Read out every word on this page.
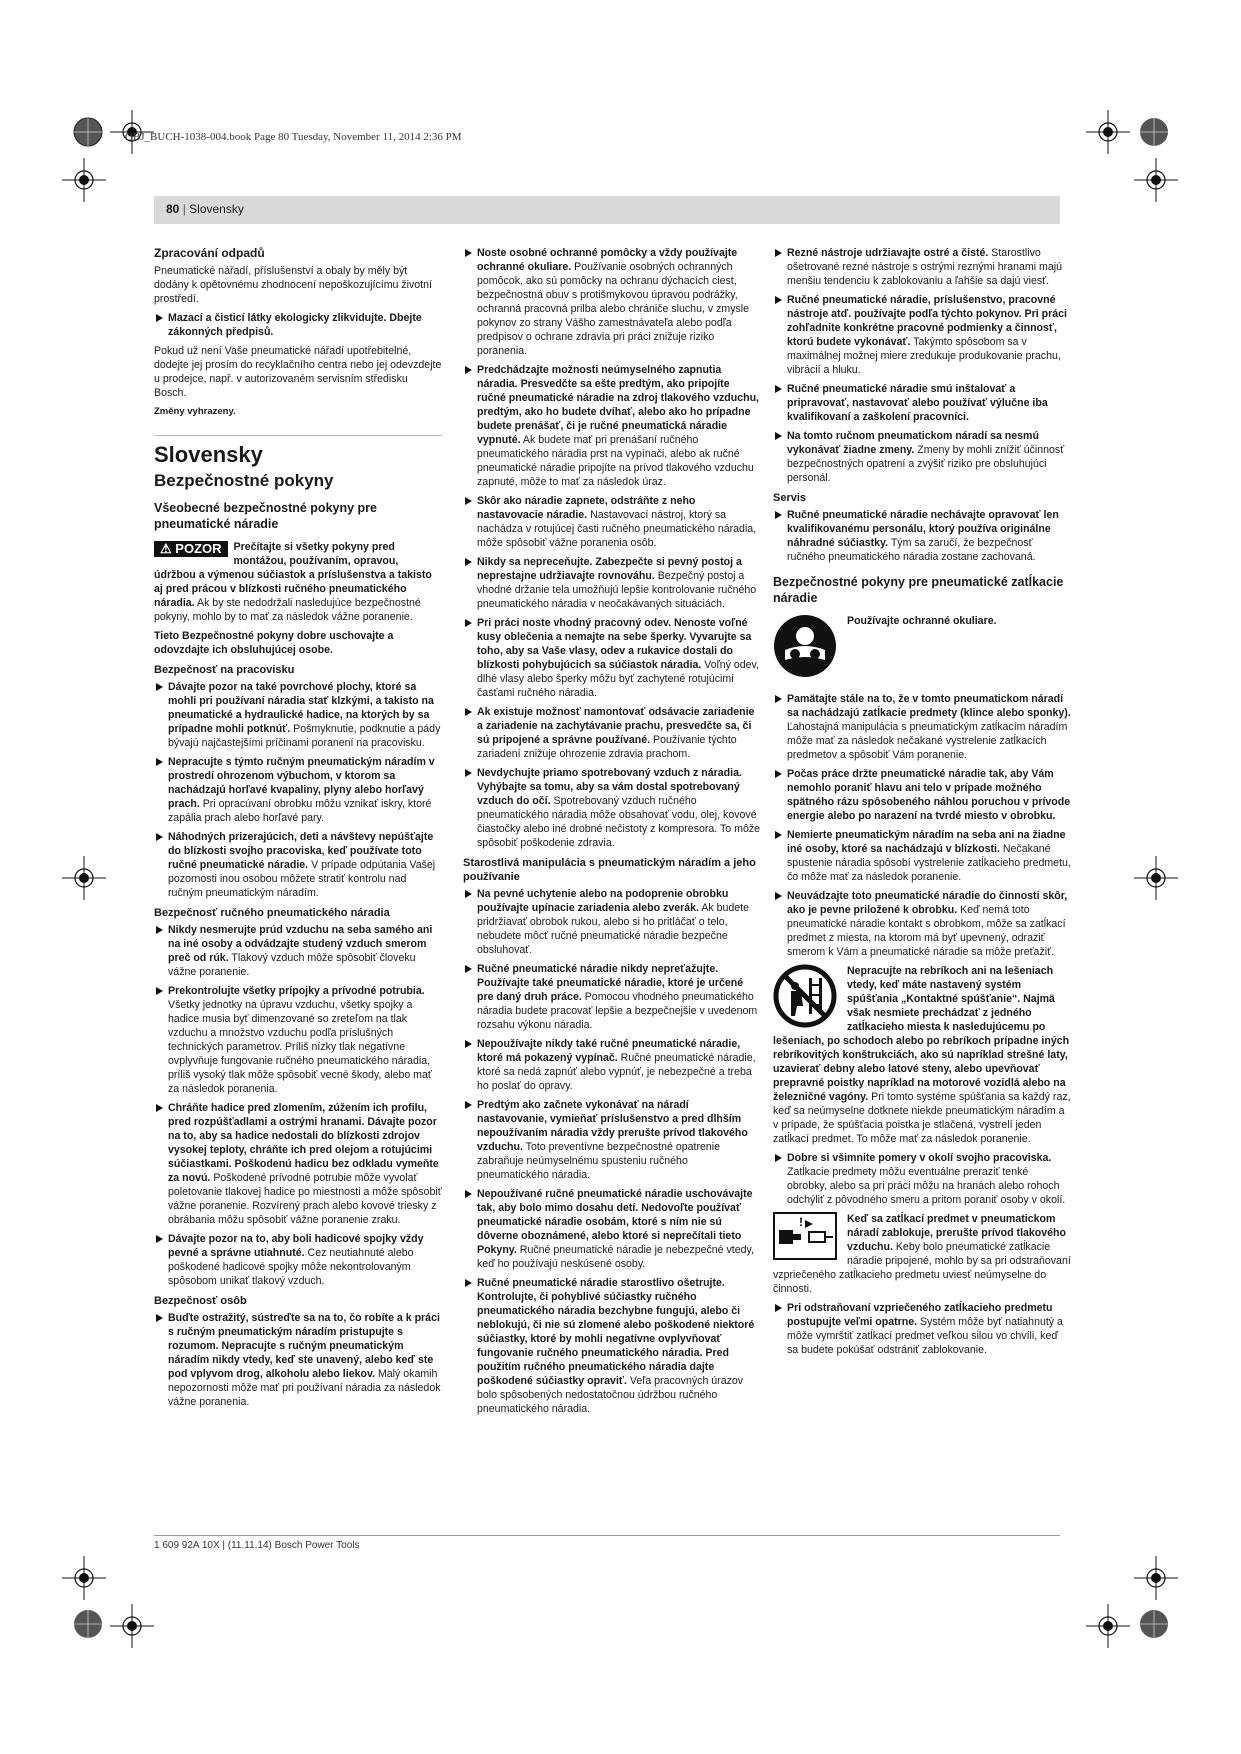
OBJ_BUCH-1038-004.book Page 80 Tuesday, November 11, 2014 2:36 PM
80 | Slovensky
Zpracování odpadů

Pneumatické nářadí, příslušenství a obaly by měly být dodány k opětovnému zhodnocení nepoškozujícímu životní prostředí.

Mazací a čisticí látky ekologicky zlikvidujte. Dbejte zákonných předpisů.

Pokud už není Vaše pneumatické nářadí upotřebitelné, dodejte jej prosím do recyklačního centra nebo jej odevzdejte u prodejce, např. v autorizovaném servisním středisku Bosch.

Změny vyhrazeny.

Slovensky
Bezpečnostné pokyny
Všeobecné bezpečnostné pokyny pre pneumatické náradie
⚠ POZOR	Prečítajte si všetky pokyny pred montážou, používaním, opravou, údržbou a výmenou súčiastok a príslušenstva a takisto aj pred prácou v blízkosti ručného pneumatického náradia. Ak by ste nedodržali nasledujúce bezpečnostné pokyny, mohlo by to mať za následok vážne poranenie.

Tieto Bezpečnostné pokyny dobre uschovajte a odovzdajte ich obsluhujúcej osobe.

Bezpečnosť na pracovisku
Dávajte pozor na také povrchové plochy, ktoré sa mohli pri používaní náradia stať klzkými, a takisto na pneumatické a hydraulické hadice, na ktorých by sa prípadne mohli potknúť. Pošmyknutie, podknutie a pády bývajú najčastejšími príčinami poranení na pracovisku.
Nepracujte s týmto ručným pneumatickým náradím v prostredí ohrozenom výbuchom, v ktorom sa nachádzajú horľavé kvapaliny, plyny alebo horľavý prach. Pri opracúvaní obrobku môžu vznikať iskry, ktoré zapália prach alebo horľavé pary.
Náhodných prizerajúcich, deti a návštevy nepúšťajte do blízkosti svojho pracoviska, keď používate toto ručné pneumatické náradie. V prípade odpútania Vašej pozornosti inou osobou môžete stratiť kontrolu nad ručným pneumatickým náradím.
Bezpečnosť ručného pneumatického náradia
Nikdy nesmerujte prúd vzduchu na seba samého ani na iné osoby a odvádzajte studený vzduch smerom preč od rúk. Tlakový vzduch môže spôsobiť človeku vážne poranenie.
Prekontrolujte všetky prípojky a prívodné potrubia. Všetky jednotky na úpravu vzduchu, všetky spojky a hadice musia byť dimenzované so zreteľom na tlak vzduchu a množstvo vzduchu podľa príslušných technických parametrov. Príliš nízky tlak negatívne ovplyvňuje fungovanie ručného pneumatického náradia, príliš vysoký tlak môže spôsobiť vecné škody, alebo mať za následok poranenia.
Chráňte hadice pred zlomením, zúžením ich profilu, pred rozpúšťadlami a ostrými hranami. Dávajte pozor na to, aby sa hadice nedostali do blízkosti zdrojov vysokej teploty, chráňte ich pred olejom a rotujúcimi súčiastkami. Poškodenú hadicu bez odkladu vymeňte za novú. Poškodené prívodné potrubie môže vyvolať poletovanie tlakovej hadice po miestnosti a môže spôsobiť vážne poranenie. Rozvírený prach alebo kovové triesky z obrábania môžu spôsobiť vážne poranenie zraku.
Dávajte pozor na to, aby boli hadicové spojky vždy pevné a správne utiahnuté. Cez neutiahnuté alebo poškodené hadicové spojky môže nekontrolovaným spôsobom unikať tlakový vzduch.
Bezpečnosť osôb
Buďte ostražitý, sústreďte sa na to, čo robíte a k práci s ručným pneumatickým náradím pristupujte s rozumom. Nepracujte s ručným pneumatickým náradím nikdy vtedy, keď ste unavený, alebo keď ste pod vplyvom drog, alkoholu alebo liekov. Malý okamih nepozornosti môže mať pri používaní náradia za následok vážne poranenia.
Noste osobné ochranné pomôcky a vždy používajte ochranné okuliare. Používanie osobných ochranných pomôcok, ako sú pomôcky na ochranu dýchacích ciest, bezpečnostná obuv s protišmykovou úpravou podrážky, ochranná pracovná prilba alebo chrániče sluchu, v zmysle pokynov zo strany Vášho zamestnávateľa alebo podľa predpisov o ochrane zdravia pri práci znižuje riziko poranenia.
Predchádzajte možnosti neúmyselného zapnutia náradia. Presvedčte sa ešte predtým, ako pripojíte ručné pneumatické náradie na zdroj tlakového vzduchu, predtým, ako ho budete dvíhať, alebo ako ho prípadne budete prenášať, či je ručné pneumatická náradie vypnuté. Ak budete mať pri prenášaní ručného pneumatického náradia prst na vypínači, alebo ak ručné pneumatické náradie pripojíte na prívod tlakového vzduchu zapnuté, môže to mať za následok úraz.
Skôr ako náradie zapnete, odstráňte z neho nastavovacie náradie. Nastavovací nástroj, ktorý sa nachádza v rotujúcej časti ručného pneumatického náradia, môže spôsobiť vážne poranenia osôb.
Nikdy sa nepreceňujte. Zabezpečte si pevný postoj a neprestajne udržiavajte rovnováhu. Bezpečný postoj a vhodné držanie tela umožňujú lepšie kontrolovanie ručného pneumatického náradia v neočakávaných situáciách.
Pri práci noste vhodný pracovný odev. Nenoste voľné kusy oblečenia a nemajte na sebe šperky. Vyvarujte sa toho, aby sa Vaše vlasy, odev a rukavice dostali do blízkosti pohybujúcich sa súčiastok náradia. Voľný odev, dlhé vlasy alebo šperky môžu byť zachytené rotujúcimi časťami ručného náradia.
Ak existuje možnosť namontovať odsávacie zariadenie a zariadenie na zachytávanie prachu, presvedčte sa, či sú pripojené a správne používané. Používanie týchto zariadení znižuje ohrozenie zdravia prachom.
Nevdychujte priamo spotrebovaný vzduch z náradia. Vyhýbajte sa tomu, aby sa vám dostal spotrebovaný vzduch do očí. Spotrebovaný vzduch ručného pneumatického náradia môže obsahovať vodu, olej, kovové čiastočky alebo iné drobné nečistoty z kompresora. To môže spôsobiť poškodenie zdravia.
Starostlivá manipulácia s pneumatickým náradím a jeho používanie
Na pevné uchytenie alebo na podoprenie obrobku používajte upínacie zariadenia alebo zverák. Ak budete pridržiavať obrobok rukou, alebo si ho pritláčať o telo, nebudete môcť ručné pneumatické náradie bezpečne obsluhovať.
Ručné pneumatické náradie nikdy nepreťažujte. Používajte také pneumatické náradie, ktoré je určené pre daný druh práce. Pomocou vhodného pneumatického náradia budete pracovať lepšie a bezpečnejšie v uvedenom rozsahu výkonu náradia.
Nepoužívajte nikdy také ručné pneumatické náradie, ktoré má pokazený vypínač. Ručné pneumatické náradie, ktoré sa nedá zapnúť alebo vypnúť, je nebezpečné a treba ho poslať do opravy.
Predtým ako začnete vykonávať na náradí nastavovanie, vymieňať príslušenstvo a pred dlhším nepoužívaním náradia vždy prerušte prívod tlakového vzduchu. Toto preventívne bezpečnostné opatrenie zabraňuje neúmyselnému spusteniu ručného pneumatického náradia.
Nepoužívané ručné pneumatické náradie uschovávajte tak, aby bolo mimo dosahu detí. Nedovoľte používať pneumatické náradie osobám, ktoré s ním nie sú dôverne oboznámené, alebo ktoré si neprečítali tieto Pokyny. Ručné pneumatické náradie je nebezpečné vtedy, keď ho používajú neskúsené osoby.
Ručné pneumatické náradie starostlivo ošetrujte. Kontrolujte, či pohyblivé súčiastky ručného pneumatického náradia bezchybne fungujú, alebo či neblokujú, či nie sú zlomené alebo poškodené niektoré súčiastky, ktoré by mohli negatívne ovplyvňovať fungovanie ručného pneumatického náradia. Pred použitím ručného pneumatického náradia dajte poškodené súčiastky opraviť. Veľa pracovných úrazov bolo spôsobených nedostatočnou údržbou ručného pneumatického náradia.
Rezné nástroje udržiavajte ostré a čisté. Starostlivo ošetrované rezné nástroje s ostrými reznými hranami majú menšiu tendenciu k zablokovaniu a ľahšie sa dajú viesť.
Ručné pneumatické náradie, príslušenstvo, pracovné nástroje atď. používajte podľa týchto pokynov. Pri práci zohľadnite konkrétne pracovné podmienky a činnosť, ktorú budete vykonávať. Takýmto spôsobom sa v maximálnej možnej miere zredukuje produkovanie prachu, vibrácií a hluku.
Ručné pneumatické náradie smú inštalovať a pripravovať, nastavovať alebo používať výlučne iba kvalifikovaní a zaškolení pracovníci.
Na tomto ručnom pneumatickom náradí sa nesmú vykonávať žiadne zmeny. Zmeny by mohli znížiť účinnosť bezpečnostných opatrení a zvýšiť riziko pre obsluhujúci personál.
Servis
Ručné pneumatické náradie nechávajte opravovať len kvalifikovanému personálu, ktorý používa originálne náhradné súčiastky. Tým sa zaručí, že bezpečnosť ručného pneumatického náradia zostane zachovaná.
Bezpečnostné pokyny pre pneumatické zatĺkacie náradie
Používajte ochranné okuliare.
Pamätajte stále na to, že v tomto pneumatickom náradí sa nachádzajú zatĺkacie predmety (klince alebo sponky). Ľahostajná manipulácia s pneumatickým zatĺkacím náradím môže mať za následok nečakané vystrelenie zatĺkacích predmetov a spôsobiť Vám poranenie.
Počas práce držte pneumatické náradie tak, aby Vám nemohlo poraniť hlavu ani telo v prípade možného spätného rázu spôsobeného náhlou poruchou v prívode energie alebo po narazení na tvrdé miesto v obrobku.
Nemierte pneumatickým náradím na seba ani na žiadne iné osoby, ktoré sa nachádzajú v blízkosti. Nečakané spustenie náradia spôsobí vystrelenie zatĺkacieho predmetu, čo môže mať za následok poranenie.
Neuvádzajte toto pneumatické náradie do činnosti skôr, ako je pevne priložené k obrobku. Keď nemá toto pneumatické náradie kontakt s obrobkom, môže sa zatĺkací predmet z miesta, na ktorom má byť upevnený, odraziť smerom k Vám a pneumatické náradie sa môže preťažiť.
Nepracujte na rebríkoch ani na lešeniach vtedy, keď máte nastavený systém spúšťania „Kontaktné spúšťanie“. Najmä však nesmiete prechádzať z jedného zatĺkacieho miesta k nasledujúcemu po lešeniach, po schodoch alebo po rebríkoch prípadne iných rebríkovitých konštrukciách, ako sú napríklad strešné laty, uzavierať debny alebo latové steny, alebo upevňovať prepravné poistky napríklad na motorové vozidlá alebo na železničné vagóny. Pri tomto systéme spúšťania sa každý raz, keď sa neúmyselne dotknete niekde pneumatickým náradím a v prípade, že spúšťacia poistka je stlačená, vystrelí jeden zatĺkací predmet. To môže mať za následok poranenie.
Dobre si všimnite pomery v okolí svojho pracoviska. Zatĺkacie predmety môžu eventuálne preraziť tenké obrobky, alebo sa pri práci môžu na hranách alebo rohoch odchýliť z pôvodného smeru a pritom poraniť osoby v okolí.
!	Keď sa zatĺkací predmet v pneumatickom náradí zablokuje, prerušte prívod tlakového vzduchu. Keby bolo pneumatické zatĺkacie náradie pripojené, mohlo by sa pri odstraňovaní vzpriečeného zatĺkacieho predmetu uviesť neúmyselne do činnosti.
Pri odstraňovaní vzpriečeného zatĺkacieho predmetu postupujte veľmi opatrne. Systém môže byť natiahnutý a môže vymrštiť zatĺkací predmet veľkou silou vo chvíli, keď sa budete pokúšať odstrániť zablokovanie.
1 609 92A 10X | (11.11.14) Bosch Power Tools
